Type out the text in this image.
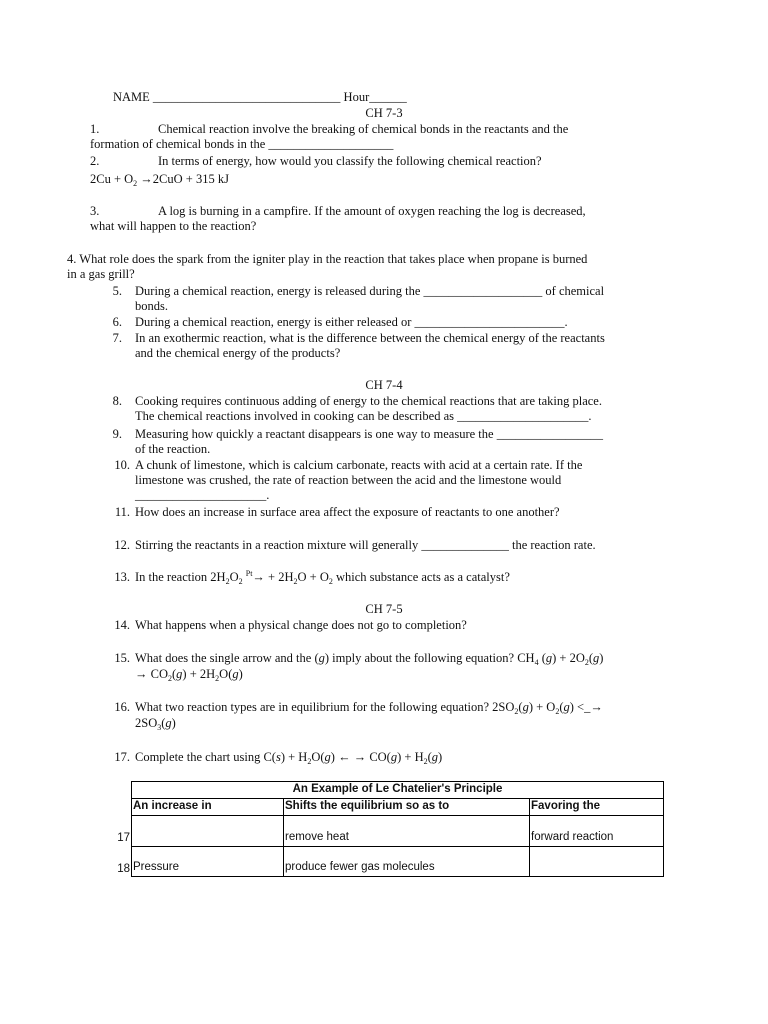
NAME ______________________________ Hour______
CH 7-3
1.	Chemical reaction involve the breaking of chemical bonds in the reactants and the
formation of chemical bonds in the ____________________
2.	In terms of energy, how would you classify the following chemical reaction?
$2Cu + O_2 \to 2CuO + 315$ kJ
3.	A log is burning in a campfire. If the amount of oxygen reaching the log is decreased,
what will happen to the reaction?
4. What role does the spark from the igniter play in the reaction that takes place when propane is burned
in a gas grill?
5. During a chemical reaction, energy is released during the ___________________ of chemical
bonds.
6. During a chemical reaction, energy is either released or ________________________.
7. In an exothermic reaction, what is the difference between the chemical energy of the reactants
and the chemical energy of the products?
CH 7-4
8. Cooking requires continuous adding of energy to the chemical reactions that are taking place.
The chemical reactions involved in cooking can be described as _____________________.
9. Measuring how quickly a reactant disappears is one way to measure the _________________
of the reaction.
10. A chunk of limestone, which is calcium carbonate, reacts with acid at a certain rate. If the
limestone was crushed, the rate of reaction between the acid and the limestone would
_____________________.
11. How does an increase in surface area affect the exposure of reactants to one another?
12. Stirring the reactants in a reaction mixture will generally ______________ the reaction rate.
13. In the reaction $2H_2O_2$ $^{Pt}\to + 2H_2O + O_2$ which substance acts as a catalyst?
CH 7-5
14. What happens when a physical change does not go to completion?
15. What does the single arrow and the (g) imply about the following equation? $CH_4$ $(g) + 2O_2(g)$
→ $CO_2(g) + 2H_2O(g)$
16. What two reaction types are in equilibrium for the following equation? $2SO_2(g) + O_2(g)$ <_→
$2SO_3(g)$
17. Complete the chart using $C(s) + H_2O(g)$ ← → $CO(g) + H_2(g)$
An Example of Le Chatelier's Principle		
An increase in	Shifts the equilibrium so as to	Favoring the
	remove heat	forward reaction
Pressure	produce fewer gas molecules	
17
18
